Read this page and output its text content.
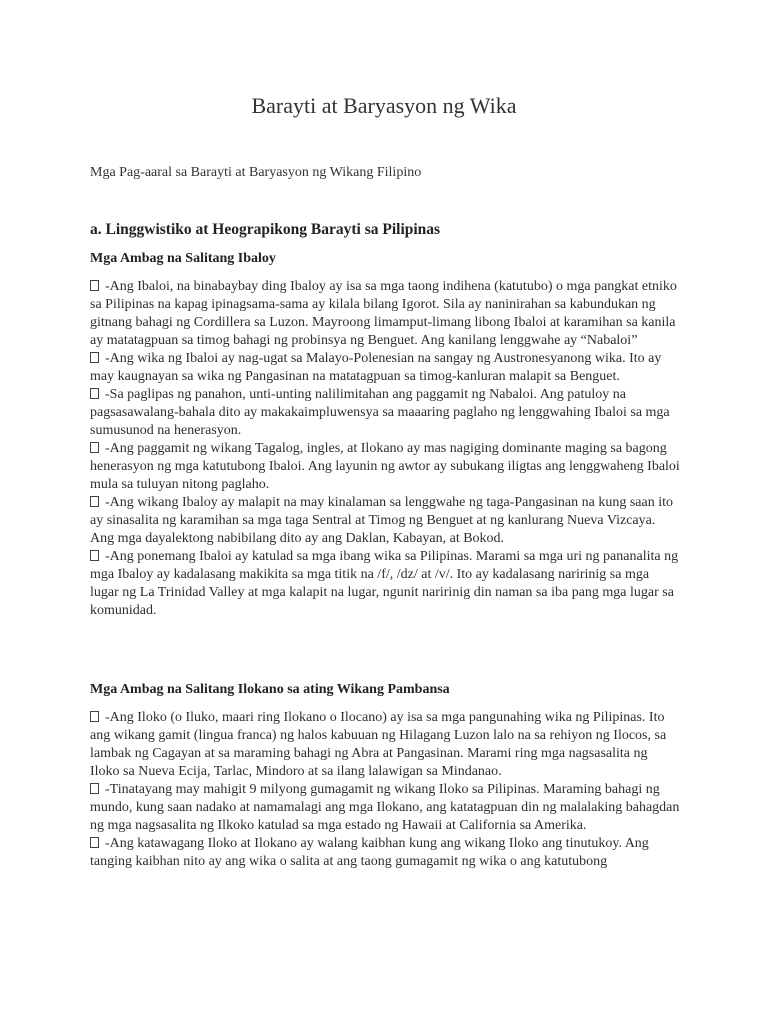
Barayti at Baryasyon ng Wika

Mga Pag-aaral sa Barayti at Baryasyon ng Wikang Filipino

a. Linggwistiko at Heograpikong Barayti sa Pilipinas
Mga Ambag na Salitang Ibaloy

-Ang Ibaloi, na binabaybay ding Ibaloy ay isa sa mga taong indihena (katutubo) o mga pangkat etniko sa Pilipinas na kapag ipinagsama-sama ay kilala bilang Igorot. Sila ay naninirahan sa kabundukan ng gitnang bahagi ng Cordillera sa Luzon. Mayroong limamput-limang libong Ibaloi at karamihan sa kanila ay matatagpuan sa timog bahagi ng probinsya ng Benguet. Ang kanilang lenggwahe ay “Nabaloi”

-Ang wika ng Ibaloi ay nag-ugat sa Malayo-Polenesian na sangay ng Austronesyanong wika. Ito ay may kaugnayan sa wika ng Pangasinan na matatagpuan sa timog-kanluran malapit sa Benguet.

-Sa paglipas ng panahon, unti-unting nalilimitahan ang paggamit ng Nabaloi. Ang patuloy na pagsasawalang-bahala dito ay makakaimpluwensya sa maaaring paglaho ng lenggwahing Ibaloi sa mga sumusunod na henerasyon.

-Ang paggamit ng wikang Tagalog, ingles, at Ilokano ay mas nagiging dominante maging sa bagong henerasyon ng mga katutubong Ibaloi. Ang layunin ng awtor ay subukang iligtas ang lenggwaheng Ibaloi mula sa tuluyan nitong paglaho.

-Ang wikang Ibaloy ay malapit na may kinalaman sa lenggwahe ng taga-Pangasinan na kung saan ito ay sinasalita ng karamihan sa mga taga Sentral at Timog ng Benguet at ng kanlurang Nueva Vizcaya. Ang mga dayalektong nabibilang dito ay ang Daklan, Kabayan, at Bokod.

-Ang ponemang Ibaloi ay katulad sa mga ibang wika sa Pilipinas. Marami sa mga uri ng pananalita ng mga Ibaloy ay kadalasang makikita sa mga titik na /f/, /dz/ at /v/. Ito ay kadalasang naririnig sa mga lugar ng La Trinidad Valley at mga kalapit na lugar, ngunit naririnig din naman sa iba pang mga lugar sa komunidad.

Mga Ambag na Salitang Ilokano sa ating Wikang Pambansa

-Ang Iloko (o Iluko, maari ring Ilokano o Ilocano) ay isa sa mga pangunahing wika ng Pilipinas. Ito ang wikang gamit (lingua franca) ng halos kabuuan ng Hilagang Luzon lalo na sa rehiyon ng Ilocos, sa lambak ng Cagayan at sa maraming bahagi ng Abra at Pangasinan. Marami ring mga nagsasalita ng Iloko sa Nueva Ecija, Tarlac, Mindoro at sa ilang lalawigan sa Mindanao.

-Tinatayang may mahigit 9 milyong gumagamit ng wikang Iloko sa Pilipinas. Maraming bahagi ng mundo, kung saan nadako at namamalagi ang mga Ilokano, ang katatagpuan din ng malalaking bahagdan ng mga nagsasalita ng Ilkoko katulad sa mga estado ng Hawaii at California sa Amerika.

-Ang katawagang Iloko at Ilokano ay walang kaibhan kung ang wikang Iloko ang tinutukoy. Ang tanging kaibhan nito ay ang wika o salita at ang taong gumagamit ng wika o ang katutubong
